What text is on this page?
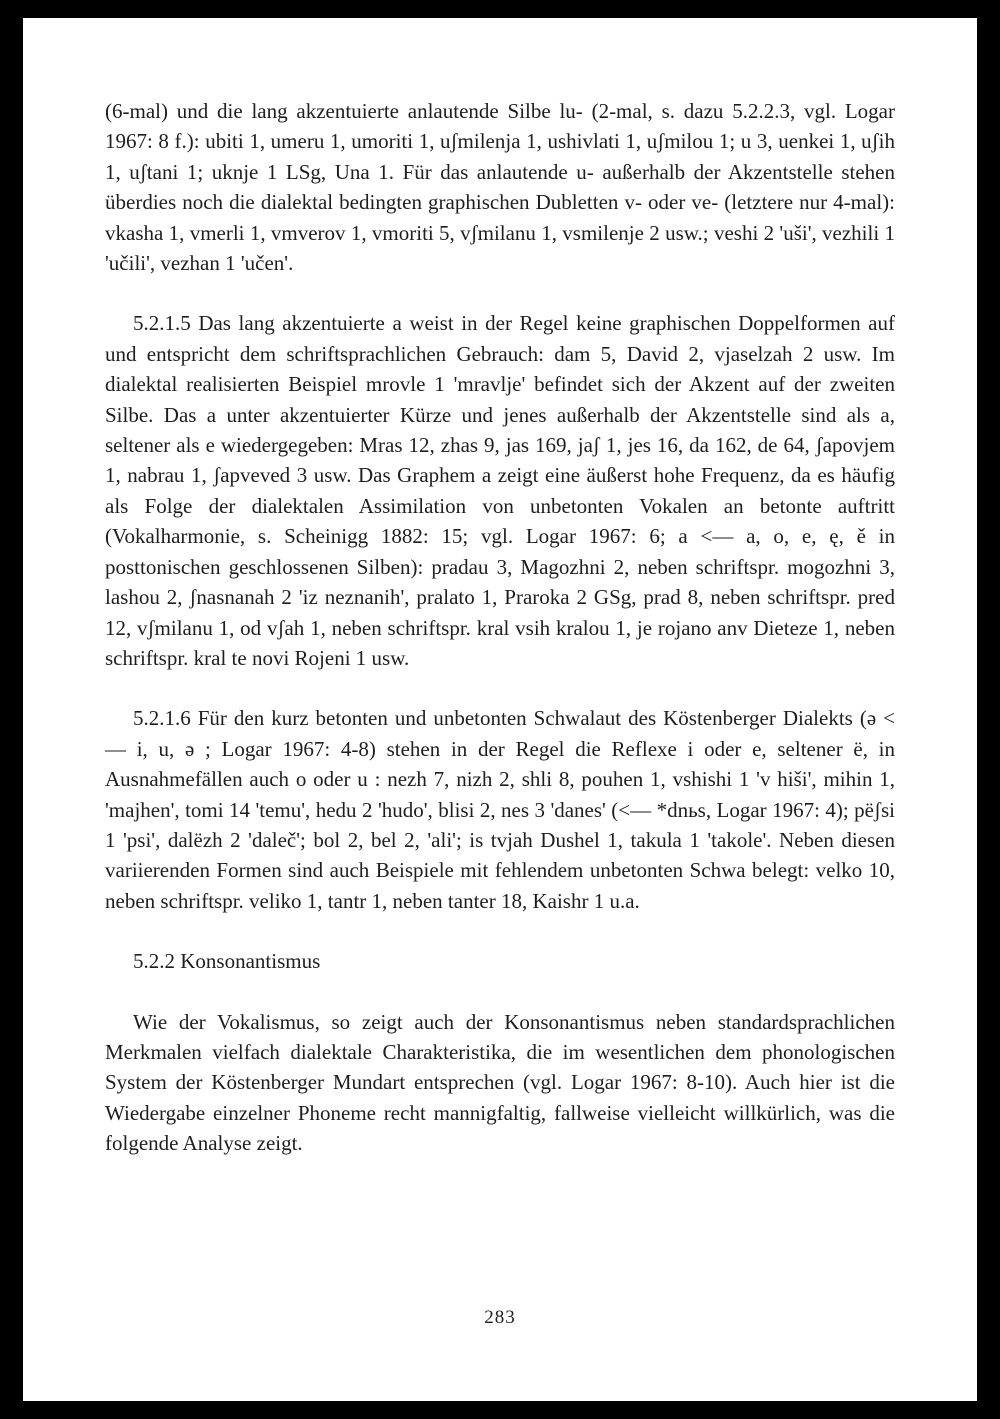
(6-mal) und die lang akzentuierte anlautende Silbe lu- (2-mal, s. dazu 5.2.2.3, vgl. Logar 1967: 8 f.): ubiti 1, umeru 1, umoriti 1, uʃmilenja 1, ushivlati 1, uʃmilou 1; u 3, uenkei 1, uʃih 1, uʃtani 1; uknje 1 LSg, Una 1. Für das anlautende u- außerhalb der Akzentstelle stehen überdies noch die dialektal bedingten graphischen Dubletten v- oder ve- (letztere nur 4-mal): vkasha 1, vmerli 1, vmverov 1, vmoriti 5, vʃmilanu 1, vsmilenje 2 usw.; veshi 2 'uši', vezhili 1 'učili', vezhan 1 'učen'.

5.2.1.5 Das lang akzentuierte a weist in der Regel keine graphischen Doppelformen auf und entspricht dem schriftsprachlichen Gebrauch: dam 5, David 2, vjaselzah 2 usw. Im dialektal realisierten Beispiel mrovle 1 'mravlje' befindet sich der Akzent auf der zweiten Silbe. Das a unter akzentuierter Kürze und jenes außerhalb der Akzentstelle sind als a, seltener als e wiedergegeben: Mras 12, zhas 9, jas 169, jaʃ 1, jes 16, da 162, de 64, ʃapovjem 1, nabrau 1, ʃapveved 3 usw. Das Graphem a zeigt eine äußerst hohe Frequenz, da es häufig als Folge der dialektalen Assimilation von unbetonten Vokalen an betonte auftritt (Vokalharmonie, s. Scheinigg 1882: 15; vgl. Logar 1967: 6; a <— a, o, e, ę, ě in posttonischen geschlossenen Silben): pradau 3, Magozhni 2, neben schriftspr. mogozhni 3, lashou 2, ʃnasnanah 2 'iz neznanih', pralato 1, Praroka 2 GSg, prad 8, neben schriftspr. pred 12, vʃmilanu 1, od vʃah 1, neben schriftspr. kral vsih kralou 1, je rojano anv Dieteze 1, neben schriftspr. kral te novi Rojeni 1 usw.

5.2.1.6 Für den kurz betonten und unbetonten Schwalaut des Köstenberger Dialekts (ə <— i, u, ə ; Logar 1967: 4-8) stehen in der Regel die Reflexe i oder e, seltener ë, in Ausnahmefällen auch o oder u : nezh 7, nizh 2, shli 8, pouhen 1, vshishi 1 'v hiši', mihin 1, 'majhen', tomi 14 'temu', hedu 2 'hudo', blisi 2, nes 3 'danes' (<— *dnьs, Logar 1967: 4); pëʃsi 1 'psi', dalëzh 2 'daleč'; bol 2, bel 2, 'ali'; is tvjah Dushel 1, takula 1 'takole'. Neben diesen variierenden Formen sind auch Beispiele mit fehlendem unbetonten Schwa belegt: velko 10, neben schriftspr. veliko 1, tantr 1, neben tanter 18, Kaishr 1 u.a.

5.2.2 Konsonantismus

Wie der Vokalismus, so zeigt auch der Konsonantismus neben standardsprachlichen Merkmalen vielfach dialektale Charakteristika, die im wesentlichen dem phonologischen System der Köstenberger Mundart entsprechen (vgl. Logar 1967: 8-10). Auch hier ist die Wiedergabe einzelner Phoneme recht mannigfaltig, fallweise vielleicht willkürlich, was die folgende Analyse zeigt.

283
